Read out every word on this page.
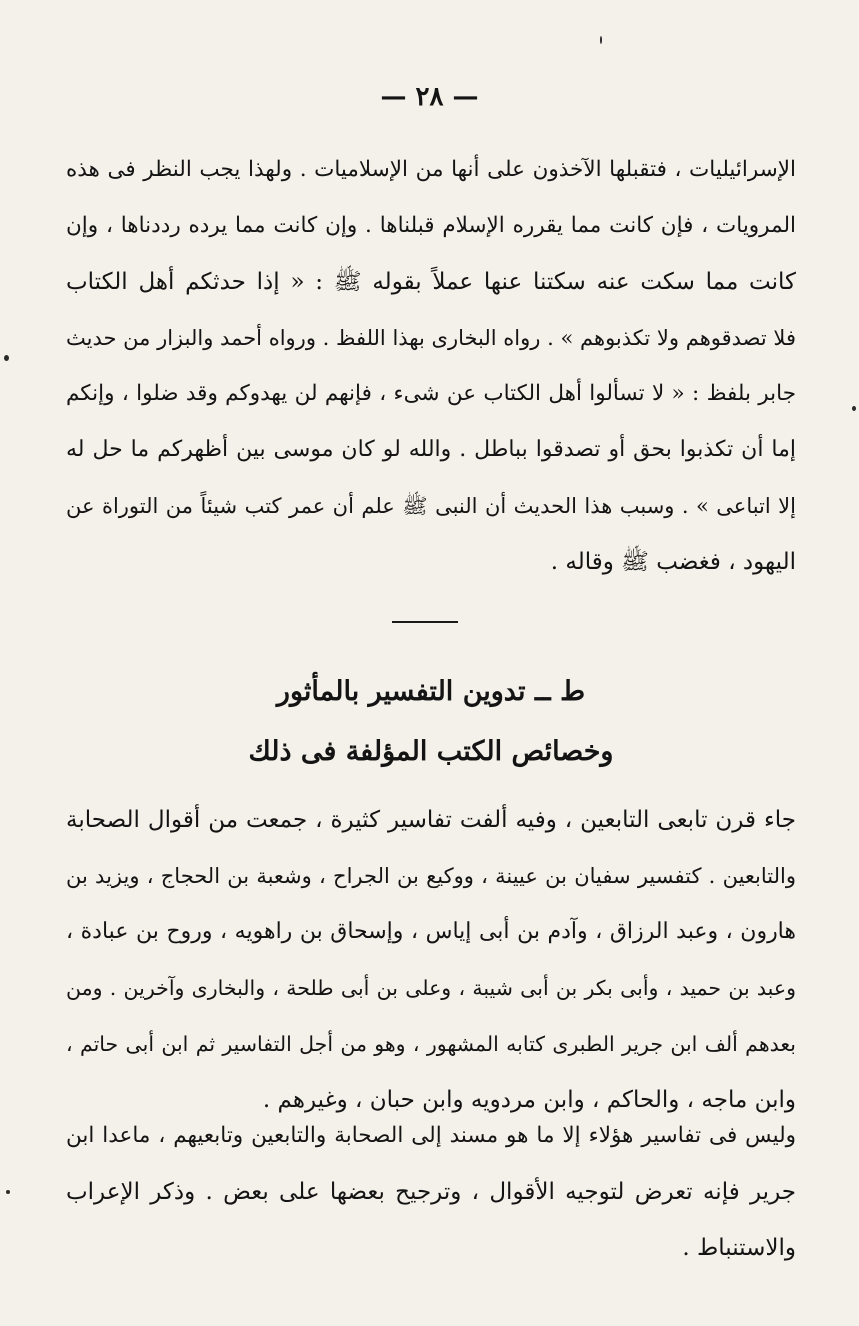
— ٢٨ —
الإسرائيليات ، فتقبلها الآخذون على أنها من الإسلاميات . ولهذا يجب النظر فى هذه
المرويات ، فإن كانت مما يقرره الإسلام قبلناها . وإن كانت مما يرده رددناها ، وإن
كانت مما سكت عنه سكتنا عنها عملاً بقوله ﷺ : « إذا حدثكم أهل الكتاب
فلا تصدقوهم ولا تكذبوهم » . رواه البخارى بهذا اللفظ . ورواه أحمد والبزار من حديث
جابر بلفظ : « لا تسألوا أهل الكتاب عن شىء ، فإنهم لن يهدوكم وقد ضلوا ، وإنكم
إما أن تكذبوا بحق أو تصدقوا بباطل . والله لو كان موسى بين أظهركم ما حل له
إلا اتباعى » . وسبب هذا الحديث أن النبى ﷺ علم أن عمر كتب شيئاً من التوراة عن
اليهود ، فغضب ﷺ وقاله .
ط ــ تدوين التفسير بالمأثور
وخصائص الكتب المؤلفة فى ذلك
جاء قرن تابعى التابعين ، وفيه ألفت تفاسير كثيرة ، جمعت من أقوال الصحابة
والتابعين . كتفسير سفيان بن عيينة ، ووكيع بن الجراح ، وشعبة بن الحجاج ، ويزيد بن
هارون ، وعبد الرزاق ، وآدم بن أبى إياس ، وإسحاق بن راهويه ، وروح بن عبادة ،
وعبد بن حميد ، وأبى بكر بن أبى شيبة ، وعلى بن أبى طلحة ، والبخارى وآخرين . ومن
بعدهم ألف ابن جرير الطبرى كتابه المشهور ، وهو من أجل التفاسير ثم ابن أبى حاتم ،
وابن ماجه ، والحاكم ، وابن مردويه وابن حبان ، وغيرهم .
وليس فى تفاسير هؤلاء إلا ما هو مسند إلى الصحابة والتابعين وتابعيهم ، ماعدا ابن
جرير فإنه تعرض لتوجيه الأقوال ، وترجيح بعضها على بعض . وذكر الإعراب
والاستنباط .
